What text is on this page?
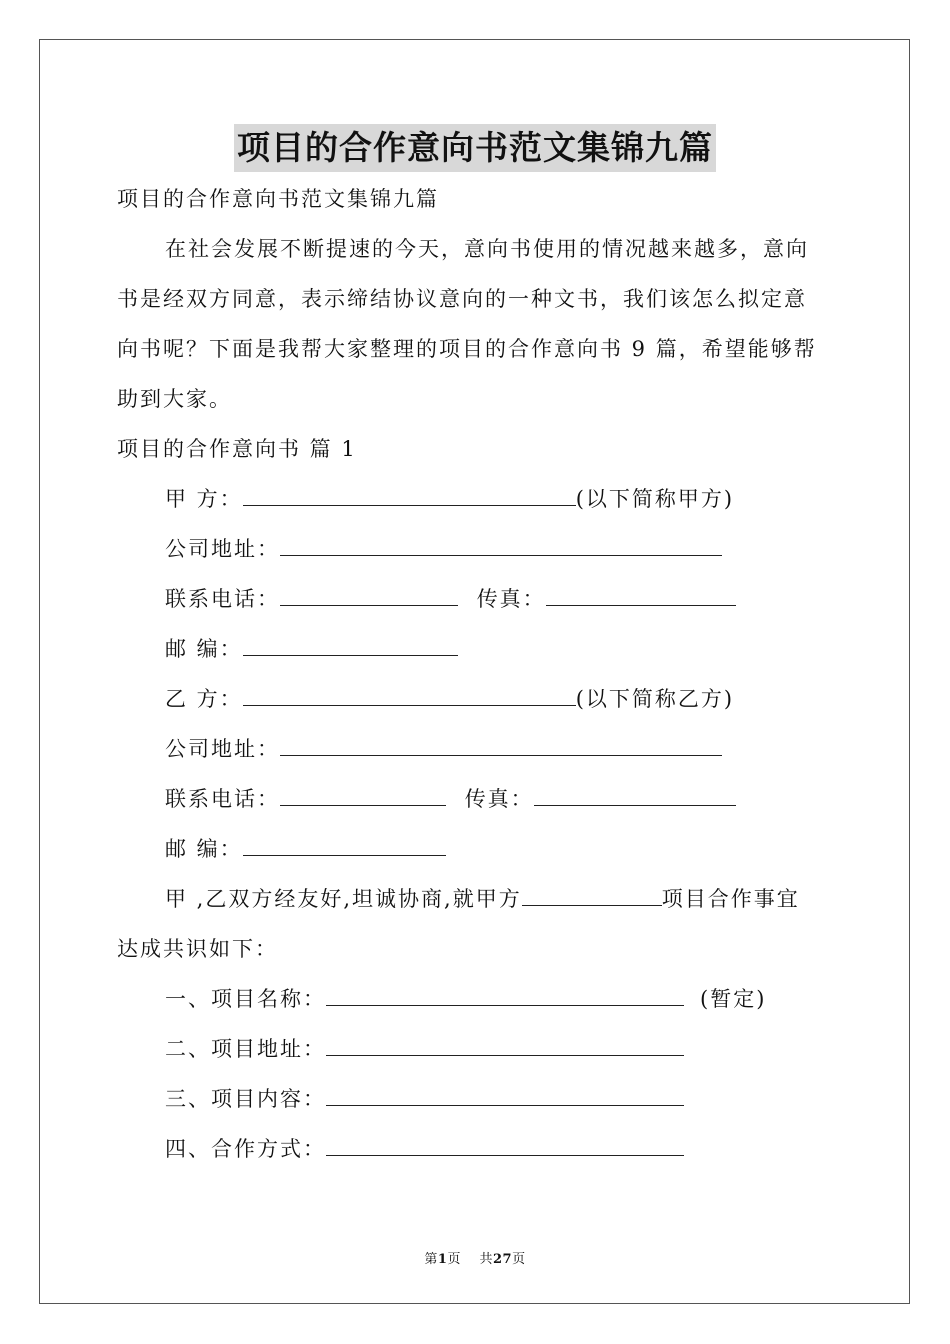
项目的合作意向书范文集锦九篇
项目的合作意向书范文集锦九篇
在社会发展不断提速的今天，意向书使用的情况越来越多，意向
书是经双方同意，表示缔结协议意向的一种文书，我们该怎么拟定意
向书呢？下面是我帮大家整理的项目的合作意向书 9 篇，希望能够帮
助到大家。
项目的合作意向书 篇 1
甲 方：	(以下简称甲方)
公司地址：
联系电话：	传真：
邮 编：
乙 方：	(以下简称乙方)
公司地址：
联系电话：	传真：
邮 编：
甲 ,乙双方经友好,坦诚协商,就甲方	项目合作事宜
达成共识如下：
一、项目名称：	(暂定)
二、项目地址：
三、项目内容：
四、合作方式：
第1页    共27页
